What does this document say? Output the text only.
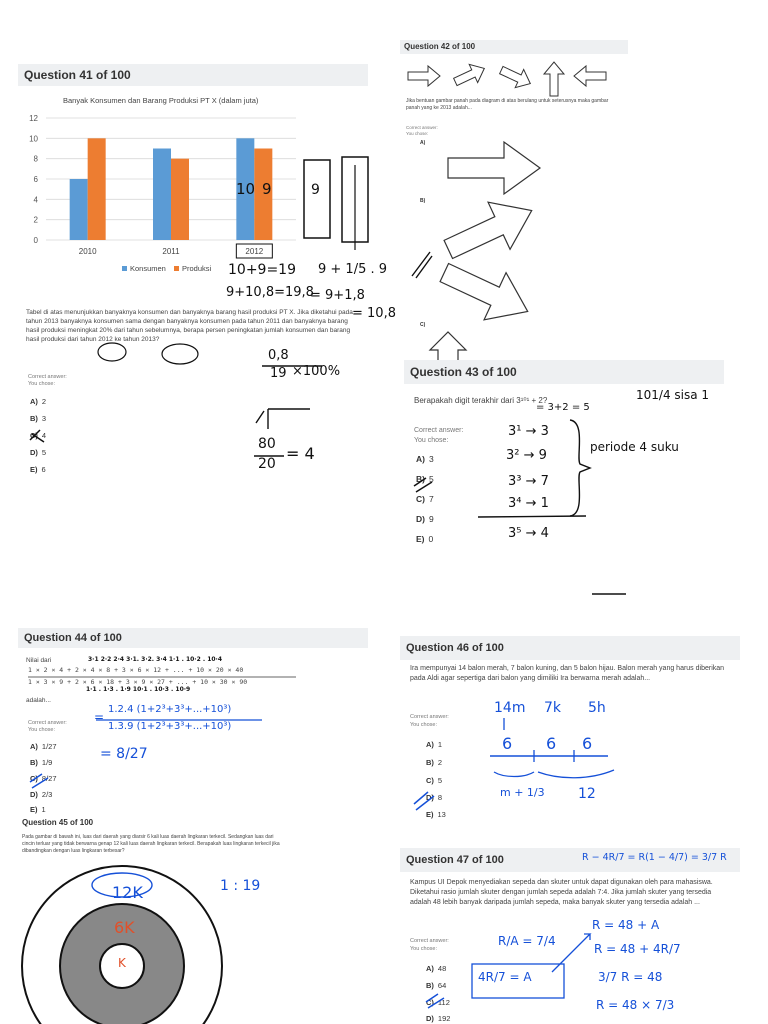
Question 41 of 100
Banyak Konsumen dan Barang Produksi PT X (dalam juta)
0
2
4
6
8
10
12
2010	2011	2012
Konsumen Produksi
Tabel di atas menunjukkan banyaknya konsumen dan banyaknya barang hasil produksi PT X. Jika diketahui pada tahun 2013 banyaknya konsumen sama dengan banyaknya konsumen pada tahun 2011 dan banyaknya barang hasil produksi meningkat 20% dari tahun sebelumnya, berapa persen peningkatan jumlah konsumen dan barang hasil produksi dari tahun 2012 ke tahun 2013?
Correct answer:
You chose:
A) 2
B) 3
C) 4
D) 5
E) 6
10 9	9
10+9=19
9+10,8=19,8
9 + 1/5 . 9
= 9+1,8
= 10,8
0,8
19 ×100%
80
20
= 4
Question 42 of 100
Jika bentuan gambar panah pada diagram di atas berulang untuk seterusnya maka gambar panah yang ke 2013 adalah...
Correct answer:
You chose:
A)
B)
C)
Question 43 of 100
Berapakah digit terakhir dari 3¹⁰¹ + 2?
Correct answer:
You chose:
A) 3
B) 5
C) 7
D) 9
E) 0
101/4 sisa 1
= 3+2 = 5
3¹ → 3
3² → 9
3³ → 7
3⁴ → 1
3⁵ → 4
periode 4 suku
Question 44 of 100
Nilai dari
1 × 2 × 4 + 2 × 4 × 8 + 3 × 6 × 12 + ... + 10 × 20 × 40
1 × 3 × 9 + 2 × 6 × 18 + 3 × 9 × 27 + ... + 10 × 30 × 90
adalah...
Correct answer:
You chose:
A) 1/27
B) 1/9
C) 8/27
D) 2/3
E) 1
3·1 2·2 2·4 3·1. 3·2. 3·4 1·1 . 10·2 . 10·4
1·1 . 1·3 . 1·9 10·1 . 10·3 . 10·9
1.2.4 (1+2³+3³+...+10³)
1.3.9 (1+2³+3³+...+10³)
=
= 8/27
Question 45 of 100
Pada gambar di bawah ini, luas dari daerah yang diarsir 6 kali luas daerah lingkaran terkecil. Sedangkan luas dari cincin terluar yang tidak berwarna genap 12 kali luas daerah lingkaran terkecil. Berapakah luas lingkaran terkecil jika dibandingkan dengan luas lingkaran terbesar?
12K
6K
K
1 : 19
Question 46 of 100
Ira mempunyai 14 balon merah, 7 balon kuning, dan 5 balon hijau. Balon merah yang harus diberikan pada Aldi agar sepertiga dari balon yang dimiliki Ira berwarna merah adalah...
Correct answer:
You chose:
A) 1
B) 2
C) 5
D) 8
E) 13
14m 7k 5h
6 6 6
m + 1/3 12
Question 47 of 100
Kampus UI Depok menyediakan sepeda dan skuter untuk dapat digunakan oleh para mahasiswa. Diketahui rasio jumlah skuter dengan jumlah sepeda adalah 7:4. Jika jumlah skuter yang tersedia adalah 48 lebih banyak daripada jumlah sepeda, maka banyak skuter yang tersedia adalah ...
Correct answer:
You chose:
A) 48
B) 64
C) 112
D) 192
R − 4R/7 = R(1 − 4/7) = 3/7 R
R = 48 + A
R/A = 7/4
R = 48 + 4R/7
4R/7 = A	3/7 R = 48
R = 48 × 7/3
